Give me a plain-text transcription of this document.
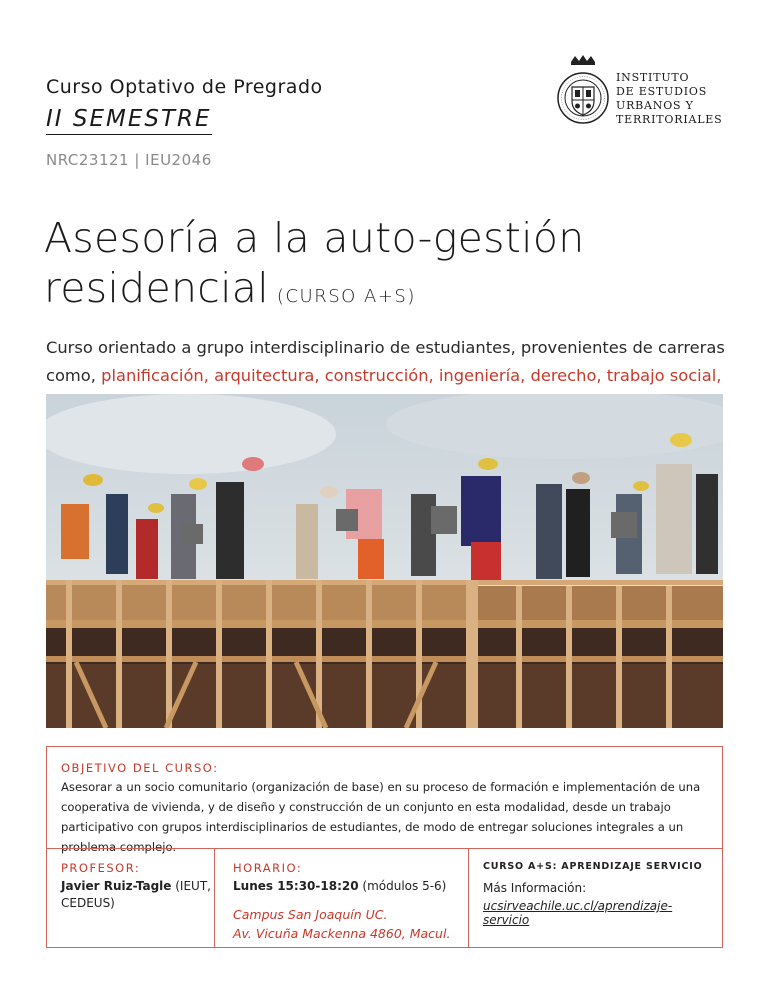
Curso Optativo de Pregrado
II SEMESTRE
NRC23121 | IEU2046
INSTITUTO
DE ESTUDIOS
URBANOS Y
TERRITORIALES
Asesoría a la auto-gestión
residencial (CURSO A+S)
Curso orientado a grupo interdisciplinario de estudiantes, provenientes de carreras
como, planificación, arquitectura, construcción, ingeniería, derecho, trabajo social,
OBJETIVO DEL CURSO:
Asesorar a un socio comunitario (organización de base) en su proceso de formación e implementación de una cooperativa de vivienda, y de diseño y construcción de un conjunto en esta modalidad, desde un trabajo participativo con grupos interdisciplinarios de estudiantes, de modo de entregar soluciones integrales a un problema complejo.
PROFESOR:
Javier Ruiz-Tagle (IEUT, CEDEUS)
HORARIO:
Lunes 15:30-18:20 (módulos 5-6)
Campus San Joaquín UC.
Av. Vicuña Mackenna 4860, Macul.
CURSO A+S: APRENDIZAJE SERVICIO
Más Información:
ucsirveachile.uc.cl/aprendizaje-servicio
